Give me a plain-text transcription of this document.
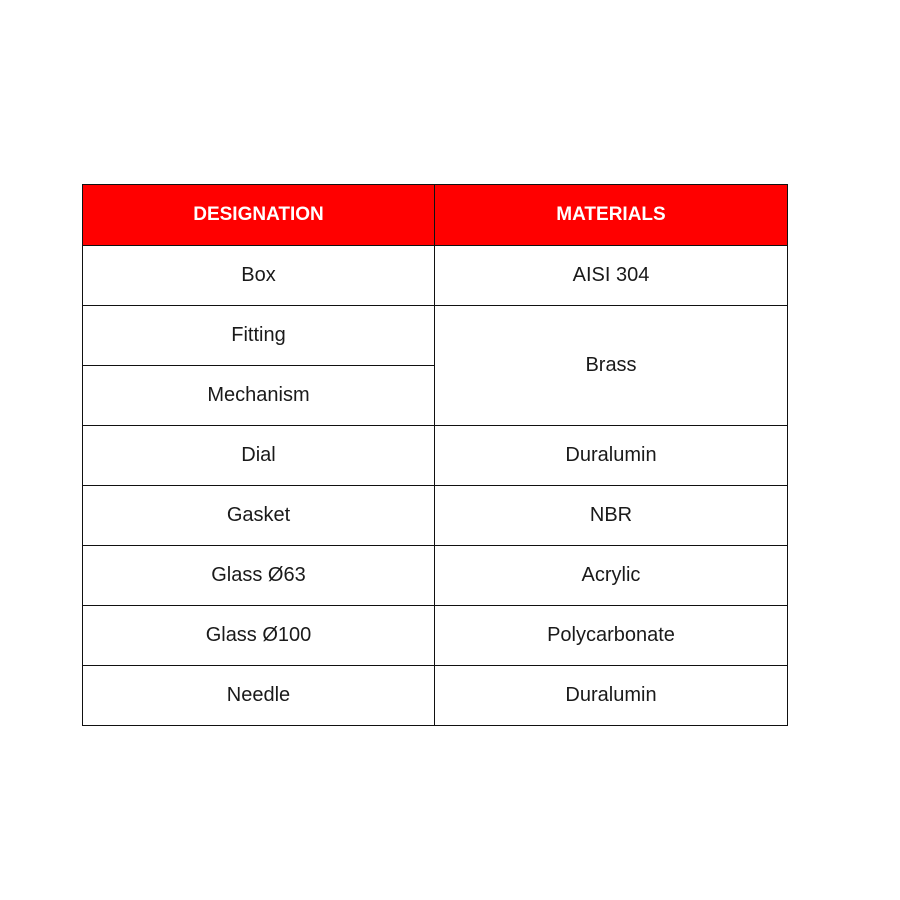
DESIGNATION	MATERIALS
Box	AISI 304
Fitting	Brass
Mechanism	
Dial	Duralumin
Gasket	NBR
Glass Ø63	Acrylic
Glass Ø100	Polycarbonate
Needle	Duralumin
